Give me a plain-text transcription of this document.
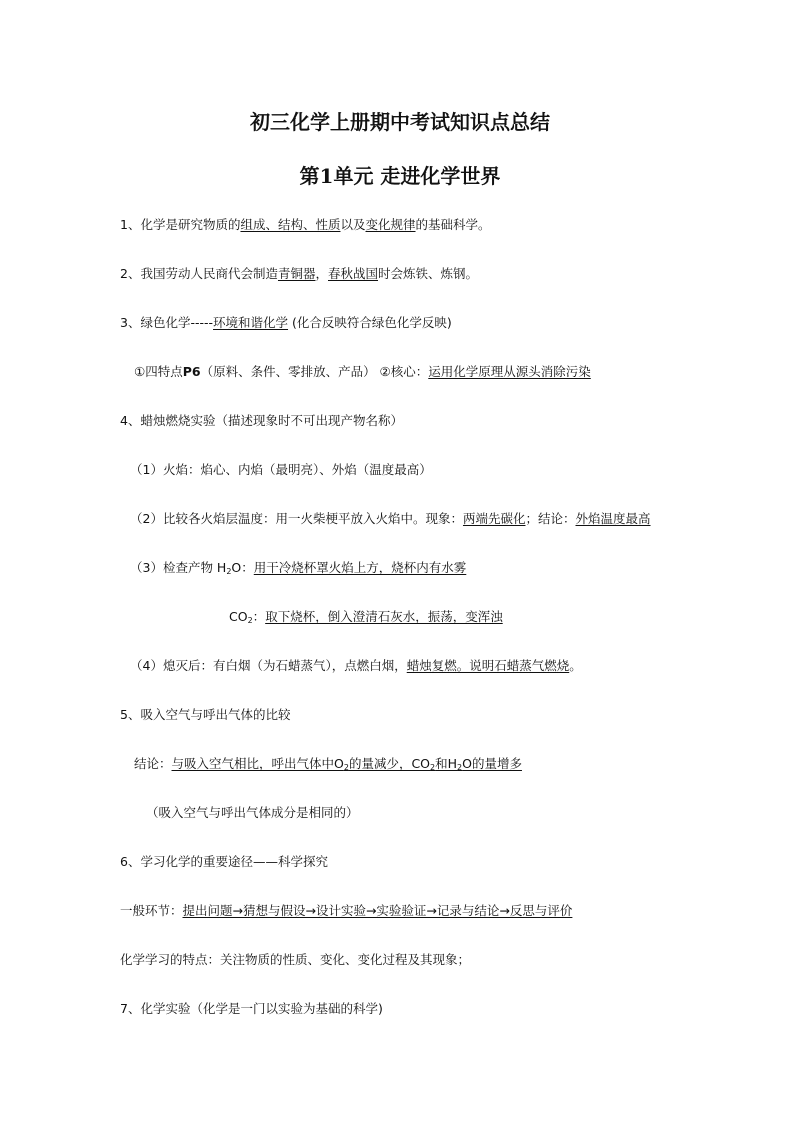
初三化学上册期中考试知识点总结
第1单元 走进化学世界
1、化学是研究物质的组成、结构、性质以及变化规律的基础科学。
2、我国劳动人民商代会制造青铜器，春秋战国时会炼铁、炼钢。
3、绿色化学-----环境和谐化学 (化合反映符合绿色化学反映)
①四特点P6（原料、条件、零排放、产品） ②核心：运用化学原理从源头消除污染
4、蜡烛燃烧实验（描述现象时不可出现产物名称）
（1）火焰：焰心、内焰（最明亮）、外焰（温度最高）
（2）比较各火焰层温度：用一火柴梗平放入火焰中。现象：两端先碳化；结论：外焰温度最高
（3）检查产物 $H_2O$：用干冷烧杯罩火焰上方，烧杯内有水雾
$CO_2$：取下烧杯，倒入澄清石灰水，振荡，变浑浊
（4）熄灭后：有白烟（为石蜡蒸气），点燃白烟，蜡烛复燃。说明石蜡蒸气燃烧。
5、吸入空气与呼出气体的比较
结论：与吸入空气相比，呼出气体中$O_2$的量减少，$CO_2$和$H_2O$的量增多
（吸入空气与呼出气体成分是相同的）
6、学习化学的重要途径——科学探究
一般环节：提出问题→猜想与假设→设计实验→实验验证→记录与结论→反思与评价
化学学习的特点：关注物质的性质、变化、变化过程及其现象；
7、化学实验（化学是一门以实验为基础的科学)
